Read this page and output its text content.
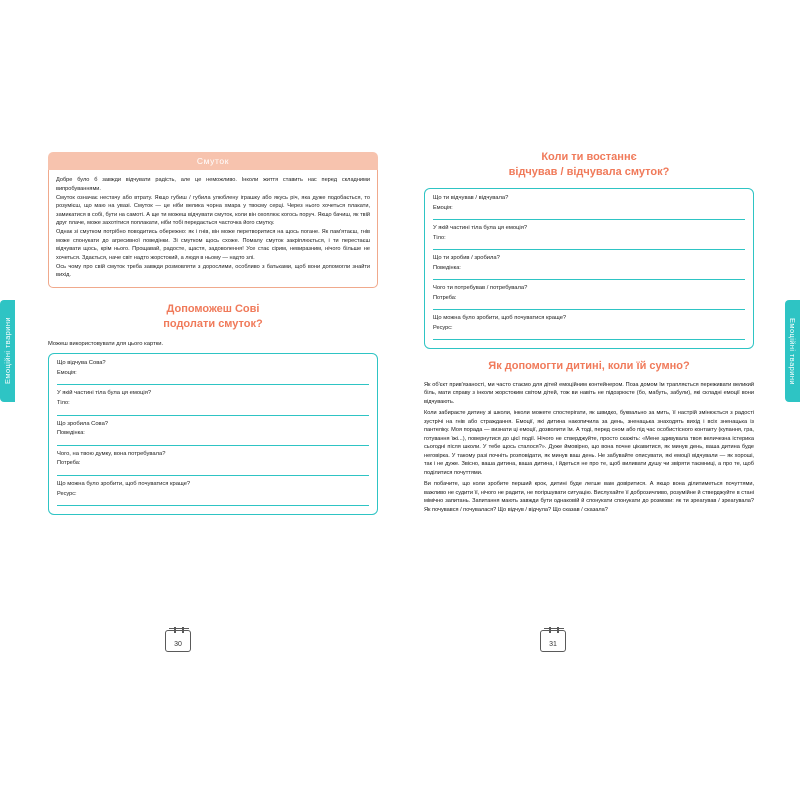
Емоційні тварини	Емоційні тварини
Смуток

Добре було б завжди відчувати радість, але це неможливо. Інколи життя ставить нас перед складними випробуваннями.

Смуток означає нестачу або втрату. Якщо губиш / губила улюблену іграшку або якусь річ, яка дуже подобається, то розумієш, що маю на увазі. Смуток — це ніби велика чорна хмара у твоєму серці. Через нього хочеться плакати, замикатися в собі, бути на самоті. А ще ти можеш відчувати смуток, коли він охоплює когось поруч. Якщо бачиш, як твій друг плаче, може захотітися поплакати, ніби тобі передається часточка його смутку.

Однак зі смутком потрібно поводитись обережно: як і гнів, він може перетворитися на щось погане. Як пам'ятаєш, гнів може спонукати до агресивної поведінки. Зі смутком щось схоже. Помалу смуток закріплюється, і ти перестаєш відчувати щось, крім нього. Прощавай, радосте, щастя, задоволення! Усе стає сірим, невиразним, нічого більше не хочеться. Здається, наче світ надто жорстокий, а людя в ньому — надто злі.

Ось чому про свій смуток треба завжди розмовляти з дорослими, особливо з батьками, щоб вони допомогли знайти вихід.

Допоможеш Сові
подолати смуток?

Можеш використовувати для цього картки.

Що відчува Сова?

Емоція:

У якій частині тіла була ця емоція?

Тіло:

Що зробила Сова?

Поведінка:

Чого, на твою думку, вона потребувала?

Потреба:

Що можна було зробити, щоб почуватися краще?

Ресурс:

Коли ти востаннє
відчував / відчувала смуток?

Що ти відчував / відчувала?

Емоція:

У якій частині тіла була ця емоція?

Тіло:

Що ти зробив / зробила?

Поведінка:

Чого ти потребував / потребувала?

Потреба:

Що можна було зробити, щоб почуватися краще?

Ресурс:

Як допомогти дитині, коли їй сумно?

Як об'єкт прив'язаності, ми часто стаємо для дітей емоційним контейнером. Поза домом їм трапляється переживати великий біль, мати справу з інколи жорстоким світом дітей, тож ви навіть не підозрюєте (бо, мабуть, забули), які складні емоції вони відчувають.

Коли забираєте дитину зі школи, інколи можете спостерігати, як швидко, буквально за мить, її настрій змінюється з радості зустрічі на гнів або страждання. Емоції, які дитина накопичила за день, зненацька знаходять вихід і всіх зненацька із пантеліку. Моя порада — визнати ці емоції, дозволити їм. А тоді, перед сном або під час особистісного контакту (купання, гра, готування їжі...), повернутися до цієї події. Нічого не стверджуйте, просто скажіть: «Мене здивувала твоя величезна істерика сьогодні після школи. У тебе щось сталося?». Дуже ймовірно, що вона почне цікавитися, як минув день, ваша дитина буде неговірка. У такому разі почніть розповідати, як минув ваш день. Не забувайте описувати, які емоції відчували — як хороші, так і не дуже. Звісно, ваша дитина, ваша дитина, і йдеться не про те, щоб виливати душу чи звіряти таємниці, а про те, щоб поділитися почуттями.

Ви побачите, що коли зробите перший крок, дитині буде легше вам довіритися. А якщо вона ділитиметься почуттями, важливо не судити її, нічого не радити, не погіршувати ситуацію. Вислухайте її доброзичливо, розумійне й стверджуйте в стані мімічно запитань. Запитання мають завжди бути однаковій й спонукати спонукати до розмови: як ти зреагував / зреагувала? Як почувався / почувалася? Що відчув / відчула? Що сказав / сказала?

30	31
